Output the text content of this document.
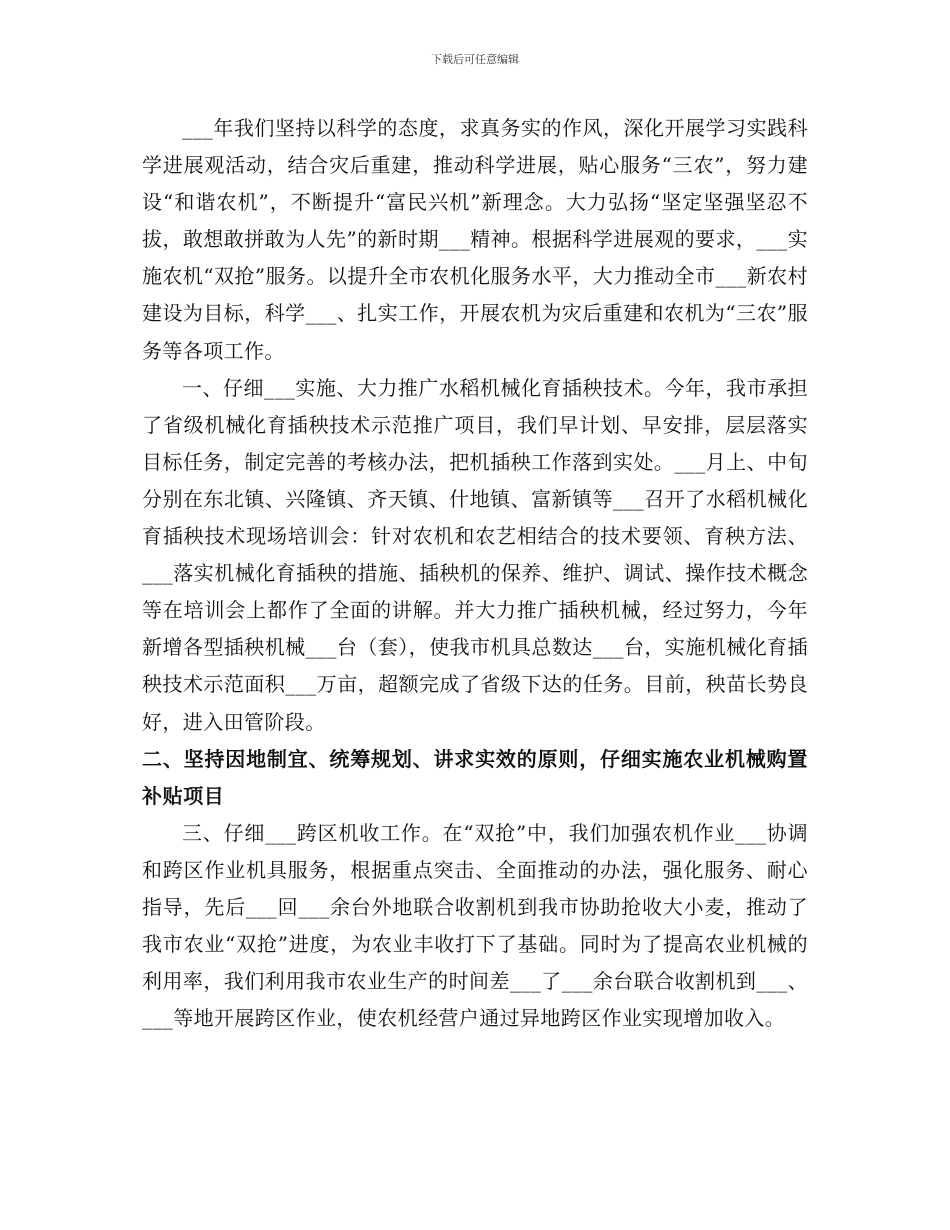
下载后可任意编辑

___年我们坚持以科学的态度，求真务实的作风，深化开展学习实践科学进展观活动，结合灾后重建，推动科学进展，贴心服务“三农”，努力建设“和谐农机”，不断提升“富民兴机”新理念。大力弘扬“坚定坚强坚忍不拔，敢想敢拼敢为人先”的新时期___精神。根据科学进展观的要求，___实施农机“双抢”服务。以提升全市农机化服务水平，大力推动全市___新农村建设为目标，科学___、扎实工作，开展农机为灾后重建和农机为“三农”服务等各项工作。

一、仔细___实施、大力推广水稻机械化育插秧技术。今年，我市承担了省级机械化育插秧技术示范推广项目，我们早计划、早安排，层层落实目标任务，制定完善的考核办法，把机插秧工作落到实处。___月上、中旬分别在东北镇、兴隆镇、齐天镇、什地镇、富新镇等___召开了水稻机械化育插秧技术现场培训会：针对农机和农艺相结合的技术要领、育秧方法、___落实机械化育插秧的措施、插秧机的保养、维护、调试、操作技术概念等在培训会上都作了全面的讲解。并大力推广插秧机械，经过努力，今年新增各型插秧机械___台（套），使我市机具总数达___台，实施机械化育插秧技术示范面积___万亩，超额完成了省级下达的任务。目前，秧苗长势良好，进入田管阶段。

二、坚持因地制宜、统筹规划、讲求实效的原则，仔细实施农业机械购置补贴项目

三、仔细___跨区机收工作。在“双抢”中，我们加强农机作业___协调和跨区作业机具服务，根据重点突击、全面推动的办法，强化服务、耐心指导，先后___回___余台外地联合收割机到我市协助抢收大小麦，推动了我市农业“双抢”进度，为农业丰收打下了基础。同时为了提高农业机械的利用率，我们利用我市农业生产的时间差___了___余台联合收割机到___、___等地开展跨区作业，使农机经营户通过异地跨区作业实现增加收入。
